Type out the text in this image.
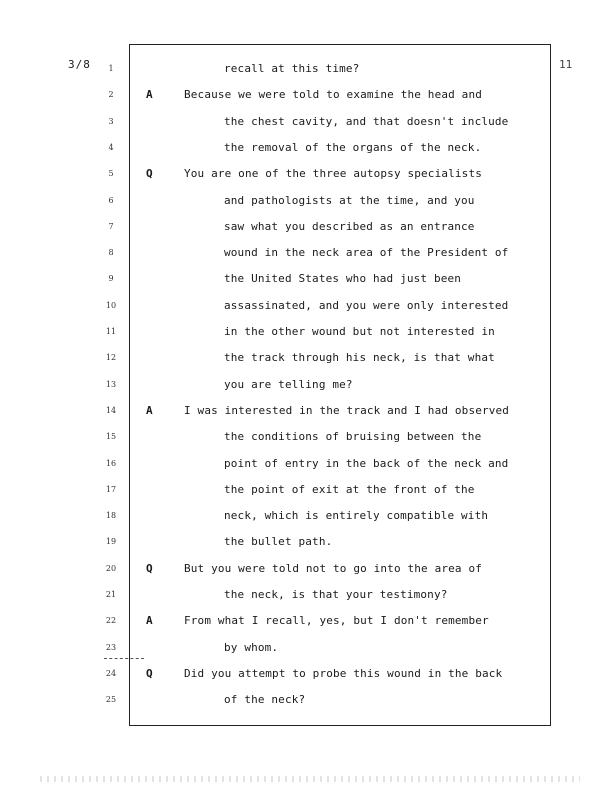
3/8	11
1	recall at this time?
2	A	Because we were told to examine the head and
3	the chest cavity, and that doesn't include
4	the removal of the organs of the neck.
5	Q	You are one of the three autopsy specialists
6	and pathologists at the time, and you
7	saw what you described as an entrance
8	wound in the neck area of the President of
9	the United States who had just been
10	assassinated, and you were only interested
11	in the other wound but not interested in
12	the track through his neck, is that what
13	you are telling me?
14	A	I was interested in the track and I had observed
15	the conditions of bruising between the
16	point of entry in the back of the neck and
17	the point of exit at the front of the
18	neck, which is entirely compatible with
19	the bullet path.
20	Q	But you were told not to go into the area of
21	the neck, is that your testimony?
22	A	From what I recall, yes, but I don't remember
23	by whom.
24	Q	Did you attempt to probe this wound in the back
25	of the neck?
